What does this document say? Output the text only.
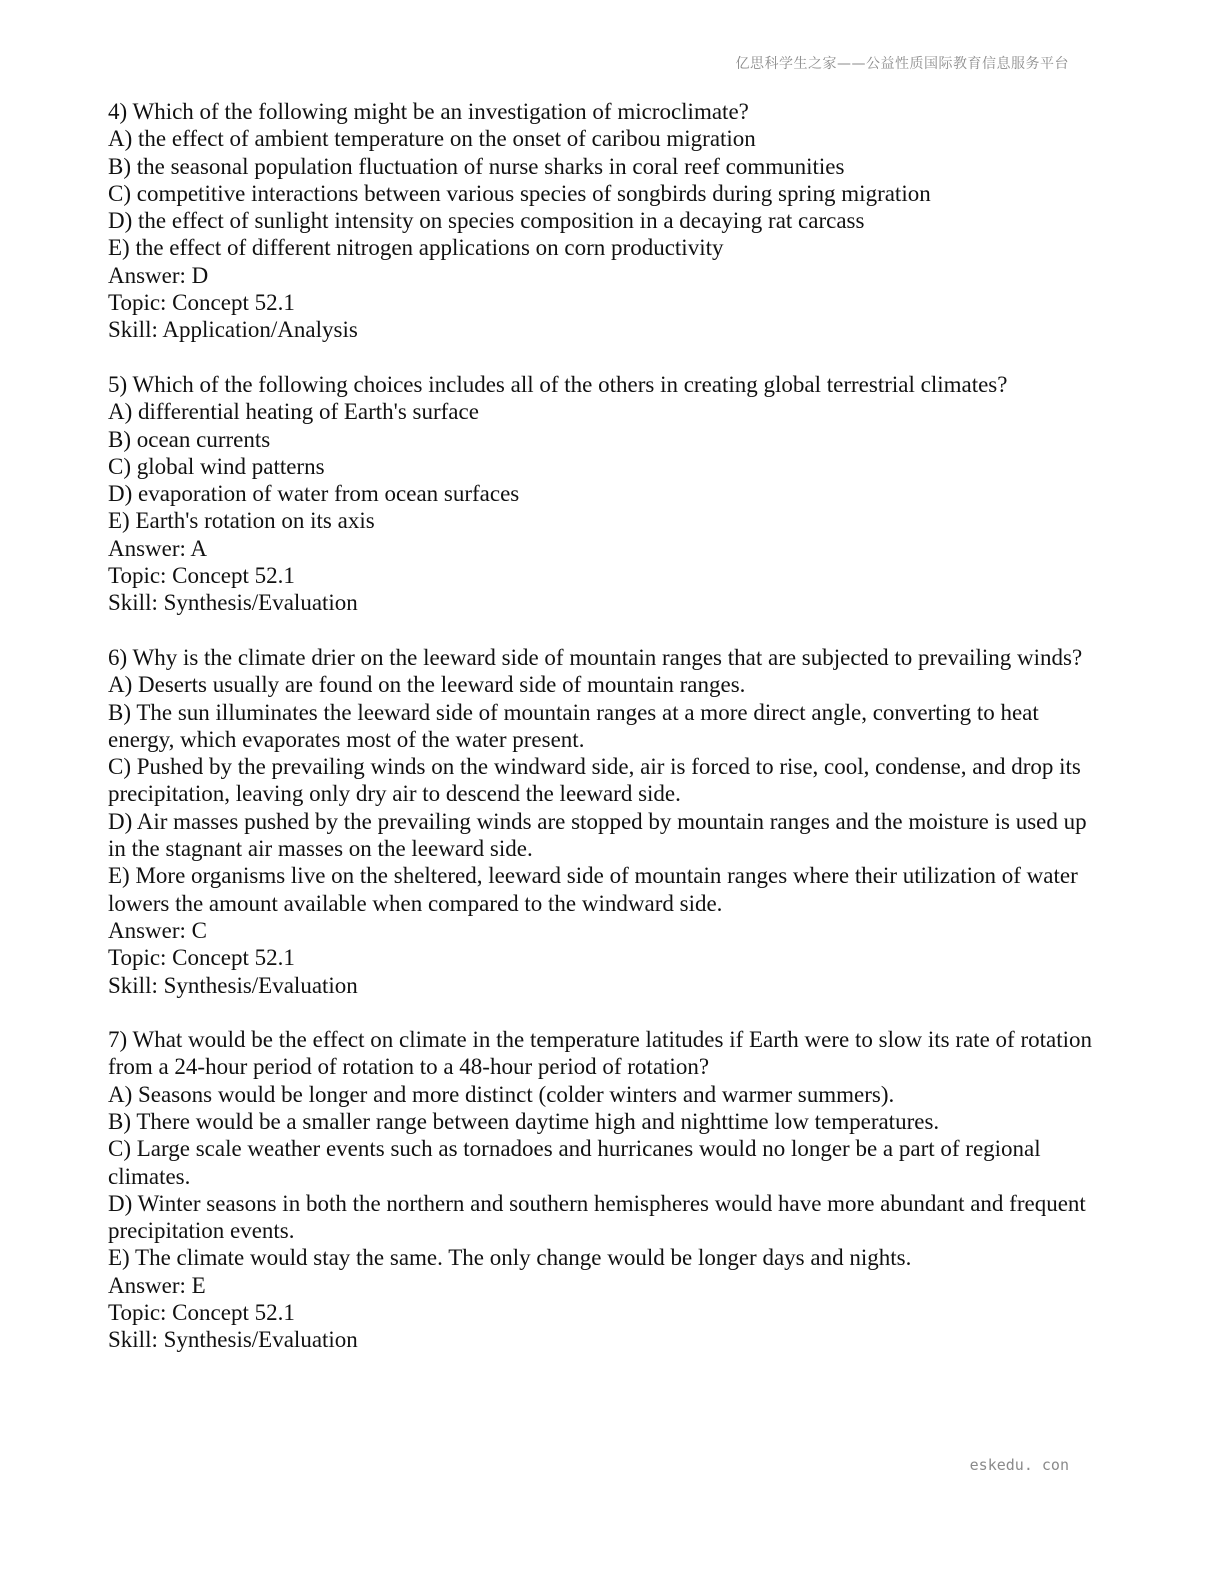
亿思科学生之家——公益性质国际教育信息服务平台
4) Which of the following might be an investigation of microclimate?
A) the effect of ambient temperature on the onset of caribou migration
B) the seasonal population fluctuation of nurse sharks in coral reef communities
C) competitive interactions between various species of songbirds during spring migration
D) the effect of sunlight intensity on species composition in a decaying rat carcass
E) the effect of different nitrogen applications on corn productivity
Answer: D
Topic: Concept 52.1
Skill: Application/Analysis
5) Which of the following choices includes all of the others in creating global terrestrial climates?
A) differential heating of Earth's surface
B) ocean currents
C) global wind patterns
D) evaporation of water from ocean surfaces
E) Earth's rotation on its axis
Answer: A
Topic: Concept 52.1
Skill: Synthesis/Evaluation
6) Why is the climate drier on the leeward side of mountain ranges that are subjected to prevailing winds?
A) Deserts usually are found on the leeward side of mountain ranges.
B) The sun illuminates the leeward side of mountain ranges at a more direct angle, converting to heat energy, which evaporates most of the water present.
C) Pushed by the prevailing winds on the windward side, air is forced to rise, cool, condense, and drop its precipitation, leaving only dry air to descend the leeward side.
D) Air masses pushed by the prevailing winds are stopped by mountain ranges and the moisture is used up in the stagnant air masses on the leeward side.
E) More organisms live on the sheltered, leeward side of mountain ranges where their utilization of water lowers the amount available when compared to the windward side.
Answer: C
Topic: Concept 52.1
Skill: Synthesis/Evaluation
7) What would be the effect on climate in the temperature latitudes if Earth were to slow its rate of rotation from a 24-hour period of rotation to a 48-hour period of rotation?
A) Seasons would be longer and more distinct (colder winters and warmer summers).
B) There would be a smaller range between daytime high and nighttime low temperatures.
C) Large scale weather events such as tornadoes and hurricanes would no longer be a part of regional climates.
D) Winter seasons in both the northern and southern hemispheres would have more abundant and frequent precipitation events.
E) The climate would stay the same. The only change would be longer days and nights.
Answer: E
Topic: Concept 52.1
Skill: Synthesis/Evaluation
eskedu. con
